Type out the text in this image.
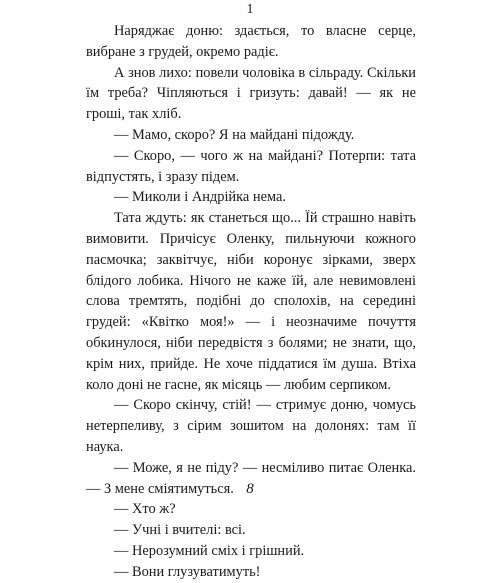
1

Наряджає доню: здається, то власне серце, вибране з грудей, окремо радіє.

А знов лихо: повели чоловіка в сільраду. Скільки їм треба? Чіпляються і гризуть: давай! — як не гроші, так хліб.

— Мамо, скоро? Я на майдані підожду.

— Скоро, — чого ж на майдані? Потерпи: тата відпустять, і зразу підем.

— Миколи і Андрійка нема.

Тата ждуть: як станеться що... Їй страшно навіть вимовити. Причісує Оленку, пильнуючи кожного пасмочка; заквітчує, ніби коронує зірками, зверх блідого лобика. Нічого не каже їй, але невимовлені слова тремтять, подібні до сполохів, на середині грудей: «Квітко моя!» — і неозначиме почуття обкинулося, ніби передвістя з болями; не знати, що, крім них, прийде. Не хоче піддатися їм душа. Втіха коло доні не гасне, як місяць — любим серпиком.

— Скоро скінчу, стій! — стримує доню, чомусь нетерпеливу, з сірим зошитом на долонях: там її наука.

— Може, я не піду? — несміливо питає Оленка. — З мене сміятимуться.

— Хто ж?

— Учні і вчителі: всі.

— Нерозумний сміх і грішний.

— Вони глузуватимуть!

8
